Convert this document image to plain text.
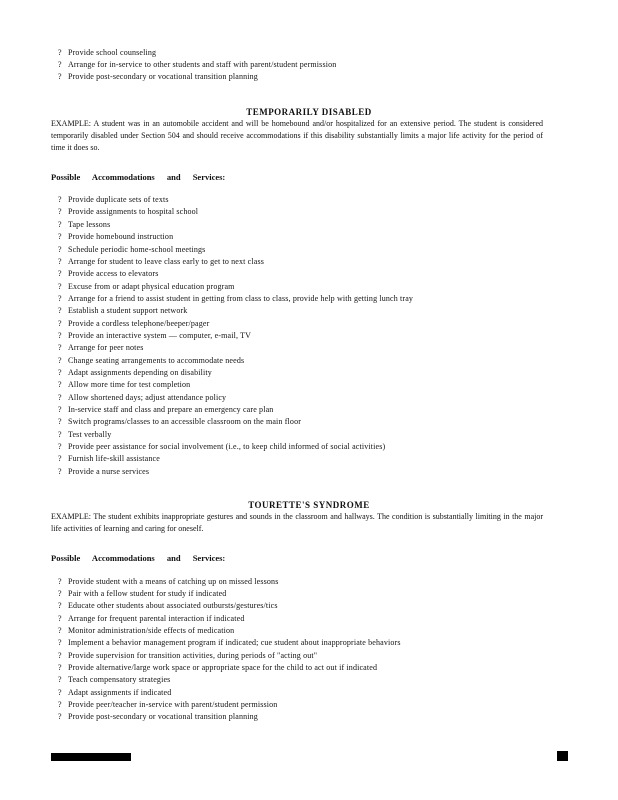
? Provide school counseling
? Arrange for in-service to other students and staff with parent/student permission
? Provide post-secondary or vocational transition planning
TEMPORARILY DISABLED
EXAMPLE: A student was in an automobile accident and will be homebound and/or hospitalized for an extensive period. The student is considered temporarily disabled under Section 504 and should receive accommodations if this disability substantially limits a major life activity for the period of time it does so.
Possible Accommodations and Services:
? Provide duplicate sets of texts
? Provide assignments to hospital school
? Tape lessons
? Provide homebound instruction
? Schedule periodic home-school meetings
? Arrange for student to leave class early to get to next class
? Provide access to elevators
? Excuse from or adapt physical education program
? Arrange for a friend to assist student in getting from class to class, provide help with getting lunch tray
? Establish a student support network
? Provide a cordless telephone/beeper/pager
? Provide an interactive system — computer, e-mail, TV
? Arrange for peer notes
? Change seating arrangements to accommodate needs
? Adapt assignments depending on disability
? Allow more time for test completion
? Allow shortened days; adjust attendance policy
? In-service staff and class and prepare an emergency care plan
? Switch programs/classes to an accessible classroom on the main floor
? Test verbally
? Provide peer assistance for social involvement (i.e., to keep child informed of social activities)
? Furnish life-skill assistance
? Provide a nurse services
TOURETTE'S SYNDROME
EXAMPLE: The student exhibits inappropriate gestures and sounds in the classroom and hallways. The condition is substantially limiting in the major life activities of learning and caring for oneself.
Possible Accommodations and Services:
? Provide student with a means of catching up on missed lessons
? Pair with a fellow student for study if indicated
? Educate other students about associated outbursts/gestures/tics
? Arrange for frequent parental interaction if indicated
? Monitor administration/side effects of medication
? Implement a behavior management program if indicated; cue student about inappropriate behaviors
? Provide supervision for transition activities, during periods of "acting out"
? Provide alternative/large work space or appropriate space for the child to act out if indicated
? Teach compensatory strategies
? Adapt assignments if indicated
? Provide peer/teacher in-service with parent/student permission
? Provide post-secondary or vocational transition planning
